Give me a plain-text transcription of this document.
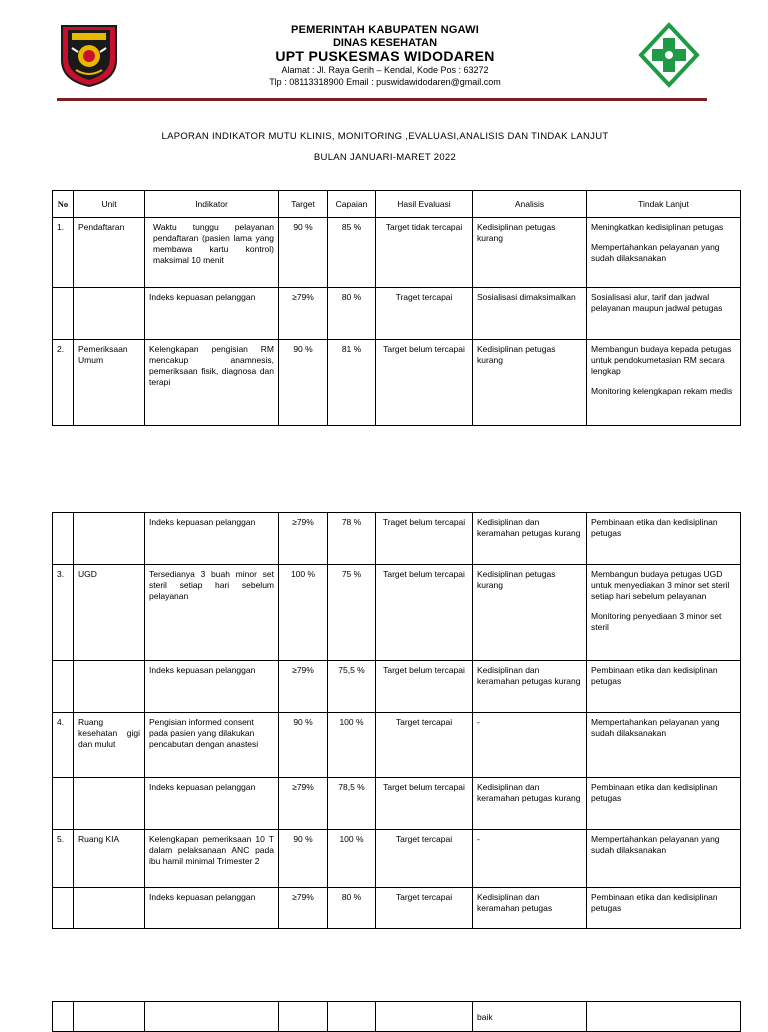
PEMERINTAH KABUPATEN NGAWI
DINAS KESEHATAN
UPT PUSKESMAS WIDODAREN
Alamat : Jl. Raya Gerih – Kendal, Kode Pos : 63272
Tlp : 08113318900 Email : puswidawidodaren@gmail.com
LAPORAN INDIKATOR MUTU KLINIS, MONITORING ,EVALUASI,ANALISIS DAN TINDAK LANJUT
BULAN JANUARI-MARET 2022
No	Unit	Indikator	Target	Capaian	Hasil Evaluasi	Analisis	Tindak Lanjut
1.	Pendaftaran	Waktu tunggu pelayanan pendaftaran (pasien lama yang membawa kartu kontrol) maksimal 10 menit	90 %	85 %	Target tidak tercapai	Kedisiplinan petugas kurang	Meningkatkan kedisiplinan petugas
Mempertahankan pelayanan yang sudah dilaksanakan
		Indeks kepuasan pelanggan	≥79%	80 %	Traget tercapai	Sosialisasi dimaksimalkan	Sosialisasi alur, tarif dan jadwal pelayanan maupun jadwal petugas
2.	Pemeriksaan Umum	Kelengkapan pengisian RM mencakup anamnesis, pemeriksaan fisik, diagnosa dan terapi	90 %	81 %	Target belum tercapai	Kedisiplinan petugas kurang	Membangun budaya kepada petugas untuk pendokumetasian RM secara lengkap
Monitoring kelengkapan rekam medis
		Indeks kepuasan pelanggan	≥79%	78 %	Traget belum tercapai	Kedisiplinan dan keramahan petugas kurang	Pembinaan etika dan kedisiplinan petugas
3.	UGD	Tersedianya 3 buah minor set steril setiap hari sebelum pelayanan	100 %	75 %	Target belum tercapai	Kedisiplinan petugas kurang	Membangun budaya petugas UGD untuk menyediakan 3 minor set steril setiap hari sebelum pelayanan
Monitoring penyediaan 3 minor set steril
		Indeks kepuasan pelanggan	≥79%	75,5 %	Target belum tercapai	Kedisiplinan dan keramahan petugas kurang	Pembinaan etika dan kedisiplinan petugas
4.	Ruang kesehatan gigi dan mulut	Pengisian informed consent pada pasien yang dilakukan pencabutan dengan anastesi	90 %	100 %	Target tercapai	-	Mempertahankan pelayanan yang sudah dilaksanakan
		Indeks kepuasan pelanggan	≥79%	78,5 %	Target belum tercapai	Kedisiplinan dan keramahan petugas kurang	Pembinaan etika dan kedisiplinan petugas
5.	Ruang KIA	Kelengkapan pemeriksaan 10 T dalam pelaksanaan ANC pada ibu hamil minimal Trimester 2	90 %	100 %	Target tercapai	-	Mempertahankan pelayanan yang sudah dilaksanakan
		Indeks kepuasan pelanggan	≥79%	80 %	Target tercapai	Kedisiplinan dan keramahan petugas	Pembinaan etika dan kedisiplinan petugas
						baik	
